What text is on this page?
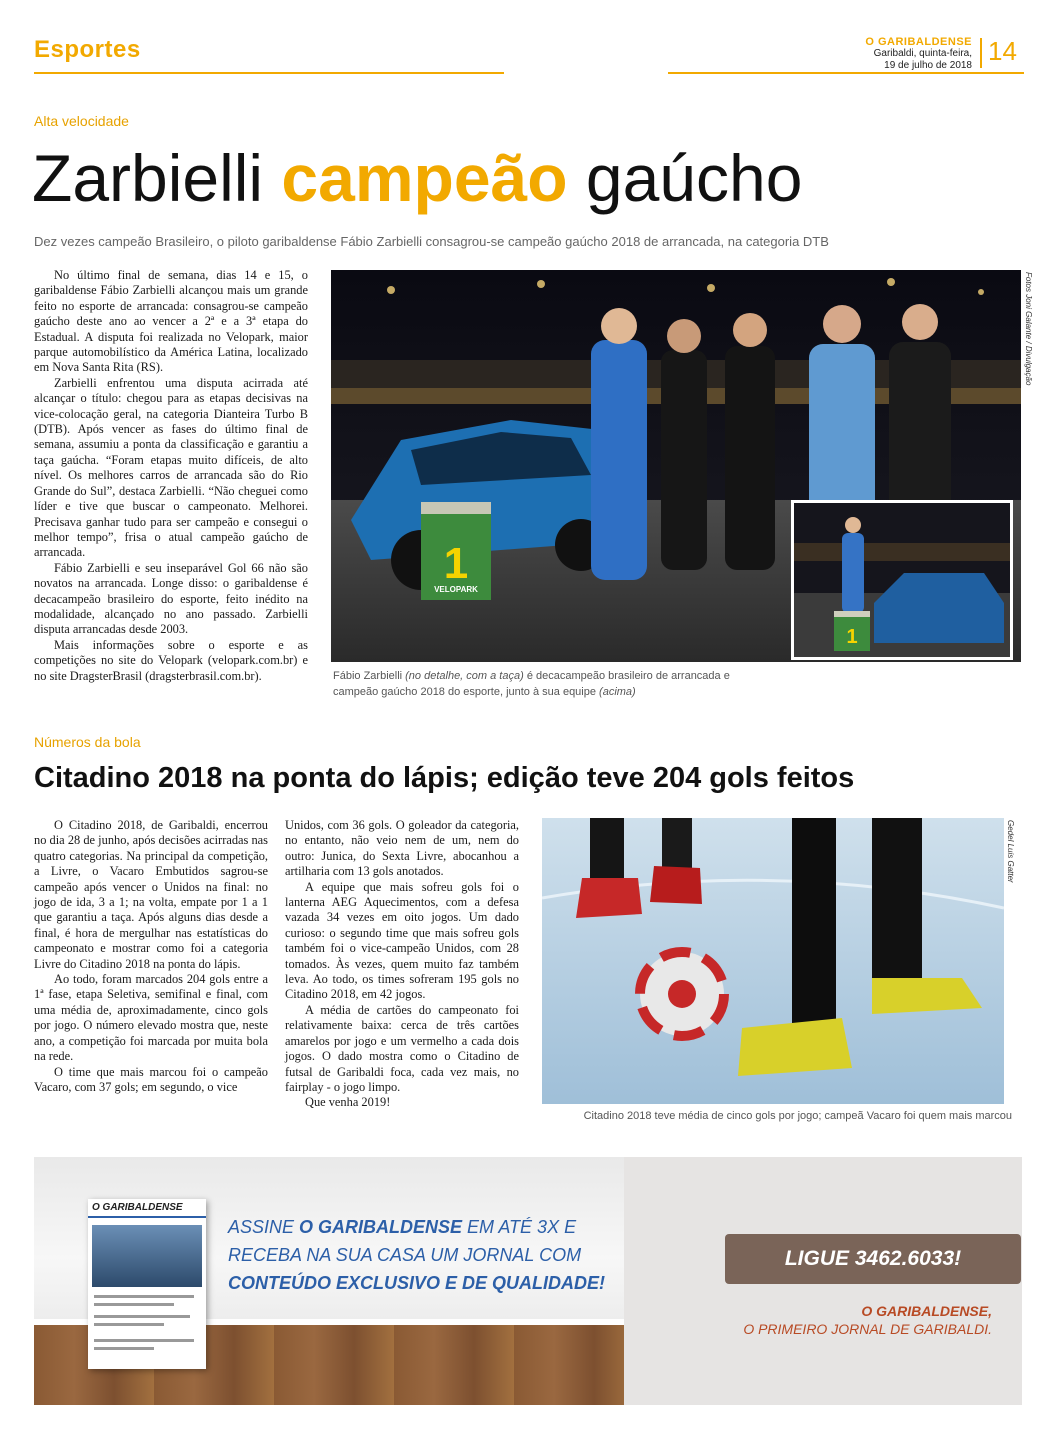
Esportes	O GARIBALDENSE
Garibaldi, quinta-feira,
19 de julho de 2018 14
Alta velocidade
Zarbielli campeão gaúcho
Dez vezes campeão Brasileiro, o piloto garibaldense Fábio Zarbielli consagrou-se campeão gaúcho 2018 de arrancada, na categoria DTB

No último final de semana, dias 14 e 15, o garibaldense Fábio Zarbielli alcançou mais um grande feito no esporte de arrancada: consagrou-se campeão gaúcho deste ano ao vencer a 2ª e a 3ª etapa do Estadual. A disputa foi realizada no Velopark, maior parque automobilístico da América Latina, localizado em Nova Santa Rita (RS).

Zarbielli enfrentou uma disputa acirrada até alcançar o título: chegou para as etapas decisivas na vice-colocação geral, na categoria Dianteira Turbo B (DTB). Após vencer as fases do último final de semana, assumiu a ponta da classificação e garantiu a taça gaúcha. “Foram etapas muito difíceis, de alto nível. Os melhores carros de arrancada são do Rio Grande do Sul”, destaca Zarbielli. “Não cheguei como líder e tive que buscar o campeonato. Melhorei. Precisava ganhar tudo para ser campeão e consegui o melhor tempo”, frisa o atual campeão gaúcho de arrancada.

Fábio Zarbielli e seu inseparável Gol 66 não são novatos na arrancada. Longe disso: o garibaldense é decacampeão brasileiro do esporte, feito inédito na modalidade, alcançado no ano passado. Zarbielli disputa arrancadas desde 2003.

Mais informações sobre o esporte e as competições no site do Velopark (velopark.com.br) e no site DragsterBrasil (dragsterbrasil.com.br).

1
1
VELOPARK
Fotos Joni Galante / Divulgação
Fábio Zarbielli (no detalhe, com a taça) é decacampeão brasileiro de arrancada e campeão gaúcho 2018 do esporte, junto à sua equipe (acima)
Números da bola
Citadino 2018 na ponta do lápis; edição teve 204 gols feitos

O Citadino 2018, de Garibaldi, encerrou no dia 28 de junho, após decisões acirradas nas quatro categorias. Na principal da competição, a Livre, o Vacaro Embutidos sagrou-se campeão após vencer o Unidos na final: no jogo de ida, 3 a 1; na volta, empate por 1 a 1 que garantiu a taça. Após alguns dias desde a final, é hora de mergulhar nas estatísticas do campeonato e mostrar como foi a categoria Livre do Citadino 2018 na ponta do lápis.

Ao todo, foram marcados 204 gols entre a 1ª fase, etapa Seletiva, semifinal e final, com uma média de, aproximadamente, cinco gols por jogo. O número elevado mostra que, neste ano, a competição foi marcada por muita bola na rede.

O time que mais marcou foi o campeão Vacaro, com 37 gols; em segundo, o vice

Unidos, com 36 gols. O goleador da categoria, no entanto, não veio nem de um, nem do outro: Junica, do Sexta Livre, abocanhou a artilharia com 13 gols anotados.

A equipe que mais sofreu gols foi o lanterna AEG Aquecimentos, com a defesa vazada 34 vezes em oito jogos. Um dado curioso: o segundo time que mais sofreu gols também foi o vice-campeão Unidos, com 28 tomados. Às vezes, quem muito faz também leva. Ao todo, os times sofreram 195 gols no Citadino 2018, em 42 jogos.

A média de cartões do campeonato foi relativamente baixa: cerca de três cartões amarelos por jogo e um vermelho a cada dois jogos. O dado mostra como o Citadino de futsal de Garibaldi foca, cada vez mais, no fairplay - o jogo limpo.

Que venha 2019!

Gedel Luis Gatter
Citadino 2018 teve média de cinco gols por jogo; campeã Vacaro foi quem mais marcou
O GARIBALDENSE
ASSINE O GARIBALDENSE EM ATÉ 3X E
RECEBA NA SUA CASA UM JORNAL COM
CONTEÚDO EXCLUSIVO E DE QUALIDADE!
LIGUE 3462.6033!
O GARIBALDENSE,
O PRIMEIRO JORNAL DE GARIBALDI.
